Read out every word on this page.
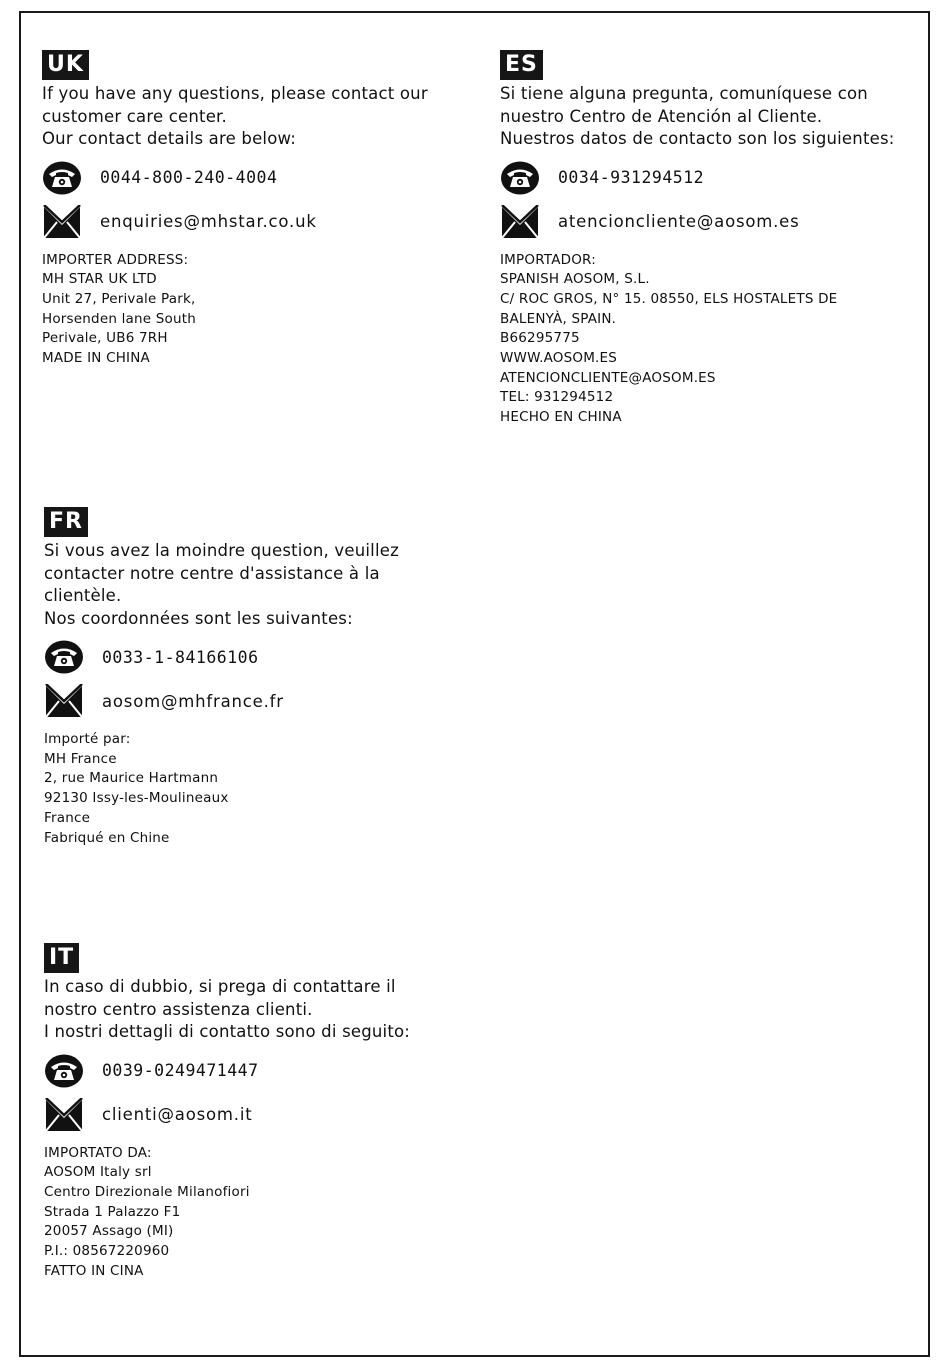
UK
If you have any questions, please contact our
customer care center.
Our contact details are below:
0044-800-240-4004
enquiries@mhstar.co.uk
IMPORTER ADDRESS:
MH STAR UK LTD
Unit 27, Perivale Park,
Horsenden lane South
Perivale, UB6 7RH
MADE IN CHINA
ES
Si tiene alguna pregunta, comuníquese con
nuestro Centro de Atención al Cliente.
Nuestros datos de contacto son los siguientes:
0034-931294512
atencioncliente@aosom.es
IMPORTADOR:
SPANISH AOSOM, S.L.
C/ ROC GROS, N° 15. 08550, ELS HOSTALETS DE
BALENYÀ, SPAIN.
B66295775
WWW.AOSOM.ES
ATENCIONCLIENTE@AOSOM.ES
TEL: 931294512
HECHO EN CHINA
FR
Si vous avez la moindre question, veuillez
contacter notre centre d'assistance à la
clientèle.
Nos coordonnées sont les suivantes:
0033-1-84166106
aosom@mhfrance.fr
Importé par:
MH France
2, rue Maurice Hartmann
92130 Issy-les-Moulineaux
France
Fabriqué en Chine
IT
In caso di dubbio, si prega di contattare il
nostro centro assistenza clienti.
I nostri dettagli di contatto sono di seguito:
0039-0249471447
clienti@aosom.it
IMPORTATO DA:
AOSOM Italy srl
Centro Direzionale Milanofiori
Strada 1 Palazzo F1
20057 Assago (MI)
P.I.: 08567220960
FATTO IN CINA
